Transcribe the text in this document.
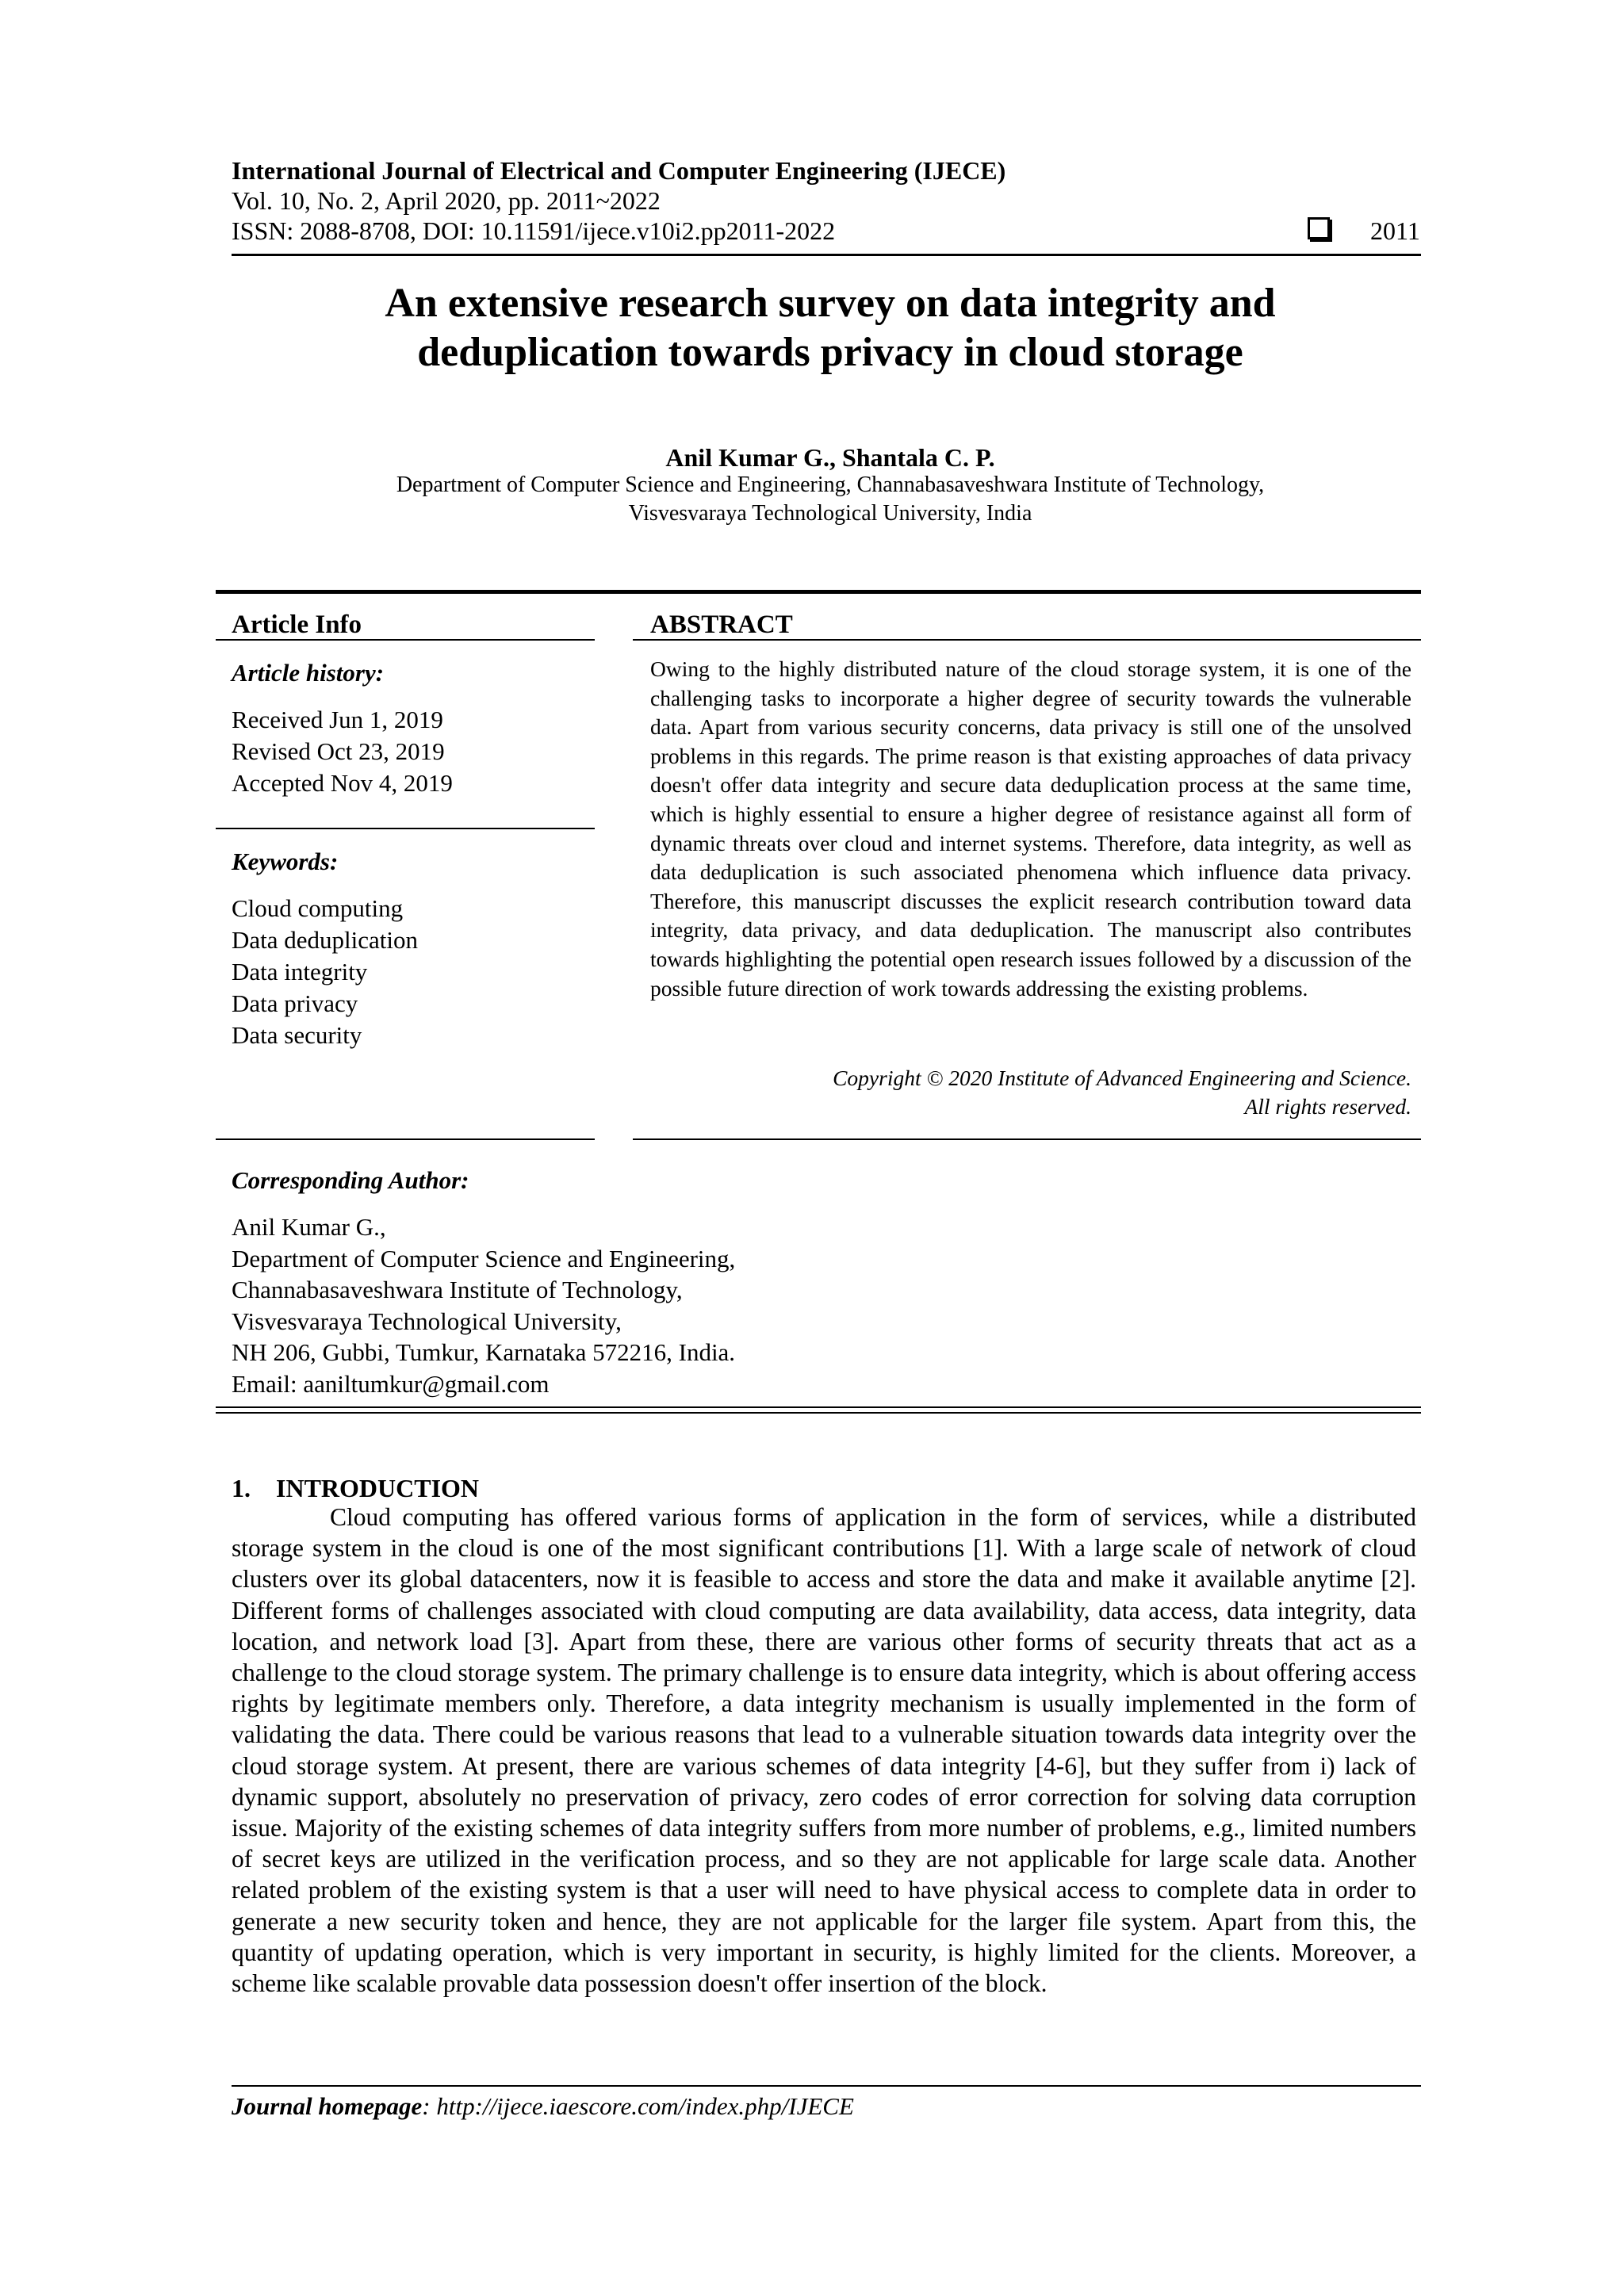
International Journal of Electrical and Computer Engineering (IJECE)
Vol. 10, No. 2, April 2020, pp. 2011~2022
ISSN: 2088-8708, DOI: 10.11591/ijece.v10i2.pp2011-2022	2011
An extensive research survey on data integrity and
deduplication towards privacy in cloud storage
Anil Kumar G., Shantala C. P.
Department of Computer Science and Engineering, Channabasaveshwara Institute of Technology,
Visvesvaraya Technological University, India
Article Info
Article history:
Received Jun 1, 2019
Revised Oct 23, 2019
Accepted Nov 4, 2019
Keywords:
Cloud computing
Data deduplication
Data integrity
Data privacy
Data security
ABSTRACT
Owing to the highly distributed nature of the cloud storage system, it is one of the challenging tasks to incorporate a higher degree of security towards the vulnerable data. Apart from various security concerns, data privacy is still one of the unsolved problems in this regards. The prime reason is that existing approaches of data privacy doesn't offer data integrity and secure data deduplication process at the same time, which is highly essential to ensure a higher degree of resistance against all form of dynamic threats over cloud and internet systems. Therefore, data integrity, as well as data deduplication is such associated phenomena which influence data privacy. Therefore, this manuscript discusses the explicit research contribution toward data integrity, data privacy, and data deduplication. The manuscript also contributes towards highlighting the potential open research issues followed by a discussion of the possible future direction of work towards addressing the existing problems.
Copyright © 2020 Institute of Advanced Engineering and Science.
All rights reserved.
Corresponding Author:
Anil Kumar G.,
Department of Computer Science and Engineering,
Channabasaveshwara Institute of Technology,
Visvesvaraya Technological University,
NH 206, Gubbi, Tumkur, Karnataka 572216, India.
Email: aaniltumkur@gmail.com
1.    INTRODUCTION
Cloud computing has offered various forms of application in the form of services, while a distributed storage system in the cloud is one of the most significant contributions [1]. With a large scale of network of cloud clusters over its global datacenters, now it is feasible to access and store the data and make it available anytime [2]. Different forms of challenges associated with cloud computing are data availability, data access, data integrity, data location, and network load [3]. Apart from these, there are various other forms of security threats that act as a challenge to the cloud storage system. The primary challenge is to ensure data integrity, which is about offering access rights by legitimate members only. Therefore, a data integrity mechanism is usually implemented in the form of validating the data. There could be various reasons that lead to a vulnerable situation towards data integrity over the cloud storage system. At present, there are various schemes of data integrity [4-6], but they suffer from i) lack of dynamic support, absolutely no preservation of privacy, zero codes of error correction for solving data corruption issue. Majority of the existing schemes of data integrity suffers from more number of problems, e.g., limited numbers of secret keys are utilized in the verification process, and so they are not applicable for large scale data. Another related problem of the existing system is that a user will need to have physical access to complete data in order to generate a new security token and hence, they are not applicable for the larger file system. Apart from this, the quantity of updating operation, which is very important in security, is highly limited for the clients. Moreover, a scheme like scalable provable data possession doesn't offer insertion of the block.
Journal homepage: http://ijece.iaescore.com/index.php/IJECE
